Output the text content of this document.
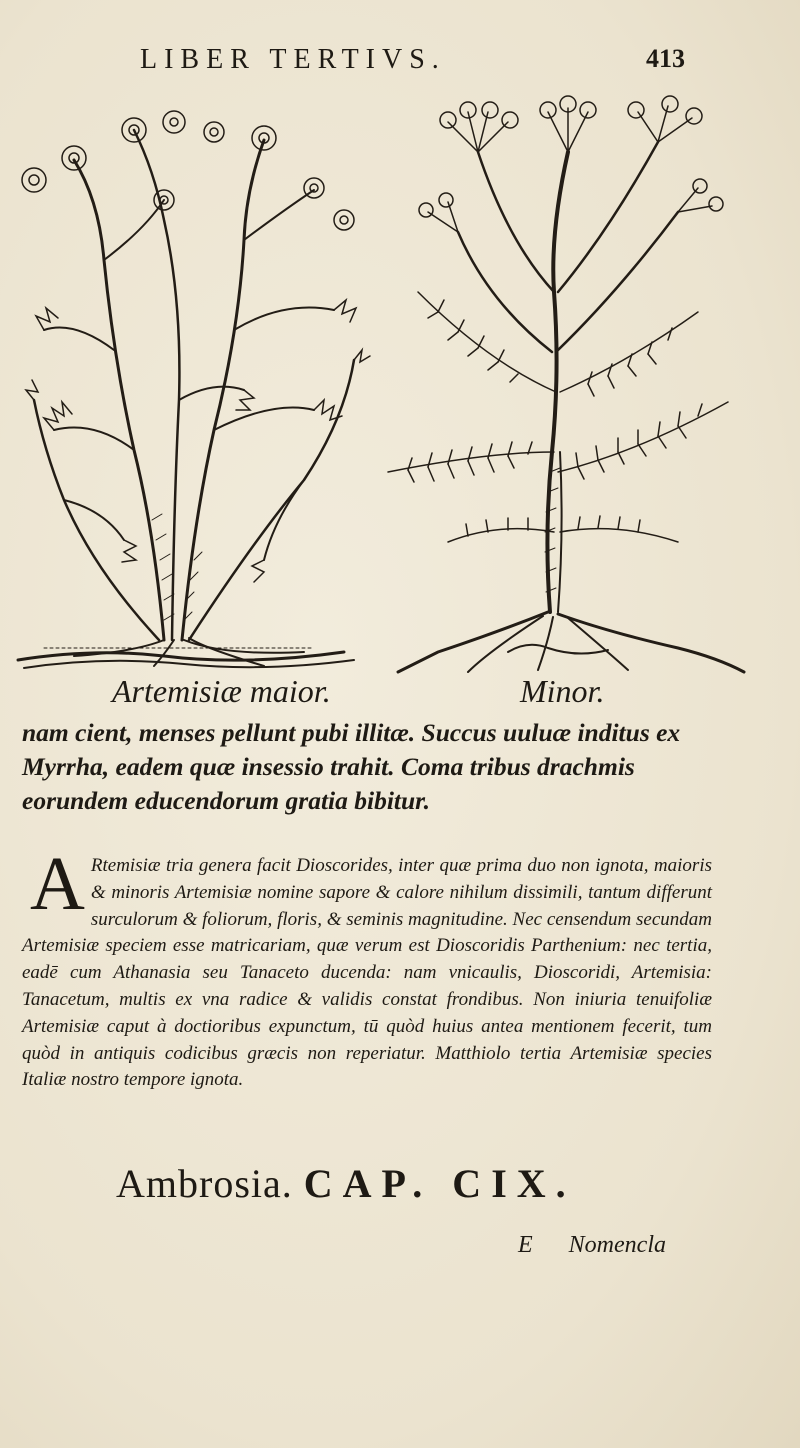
LIBER TERTIVS.	413
Artemisiæ maior.	Minor.

nam cient, menses pellunt pubi illitæ. Succus uuluæ inditus ex Myrrha, eadem quæ insessio trahit. Coma tribus drachmis eorundem educendorum gratia bibitur.

A Rtemisiæ tria genera facit Dioscorides, inter quæ prima duo non ignota, maioris & minoris Artemisiæ nomine sapore & calore nihilum dissimili, tantum differunt surculorum & foliorum, floris, & seminis magnitudine. Nec censendum secundam Artemisiæ speciem esse matricariam, quæ verum est Dioscoridis Parthenium: nec tertia, eadē cum Athanasia seu Tanaceto ducenda: nam vnicaulis, Dioscoridi, Artemisia: Tanacetum, multis ex vna radice & validis constat frondibus. Non iniuria tenuifoliæ Artemisiæ caput à doctioribus expunctum, tū quòd huius antea mentionem fecerit, tum quòd in antiquis codicibus græcis non reperiatur. Matthiolo tertia Artemisiæ species Italiæ nostro tempore ignota.

Ambrosia. CAP. CIX.
E Nomencla
